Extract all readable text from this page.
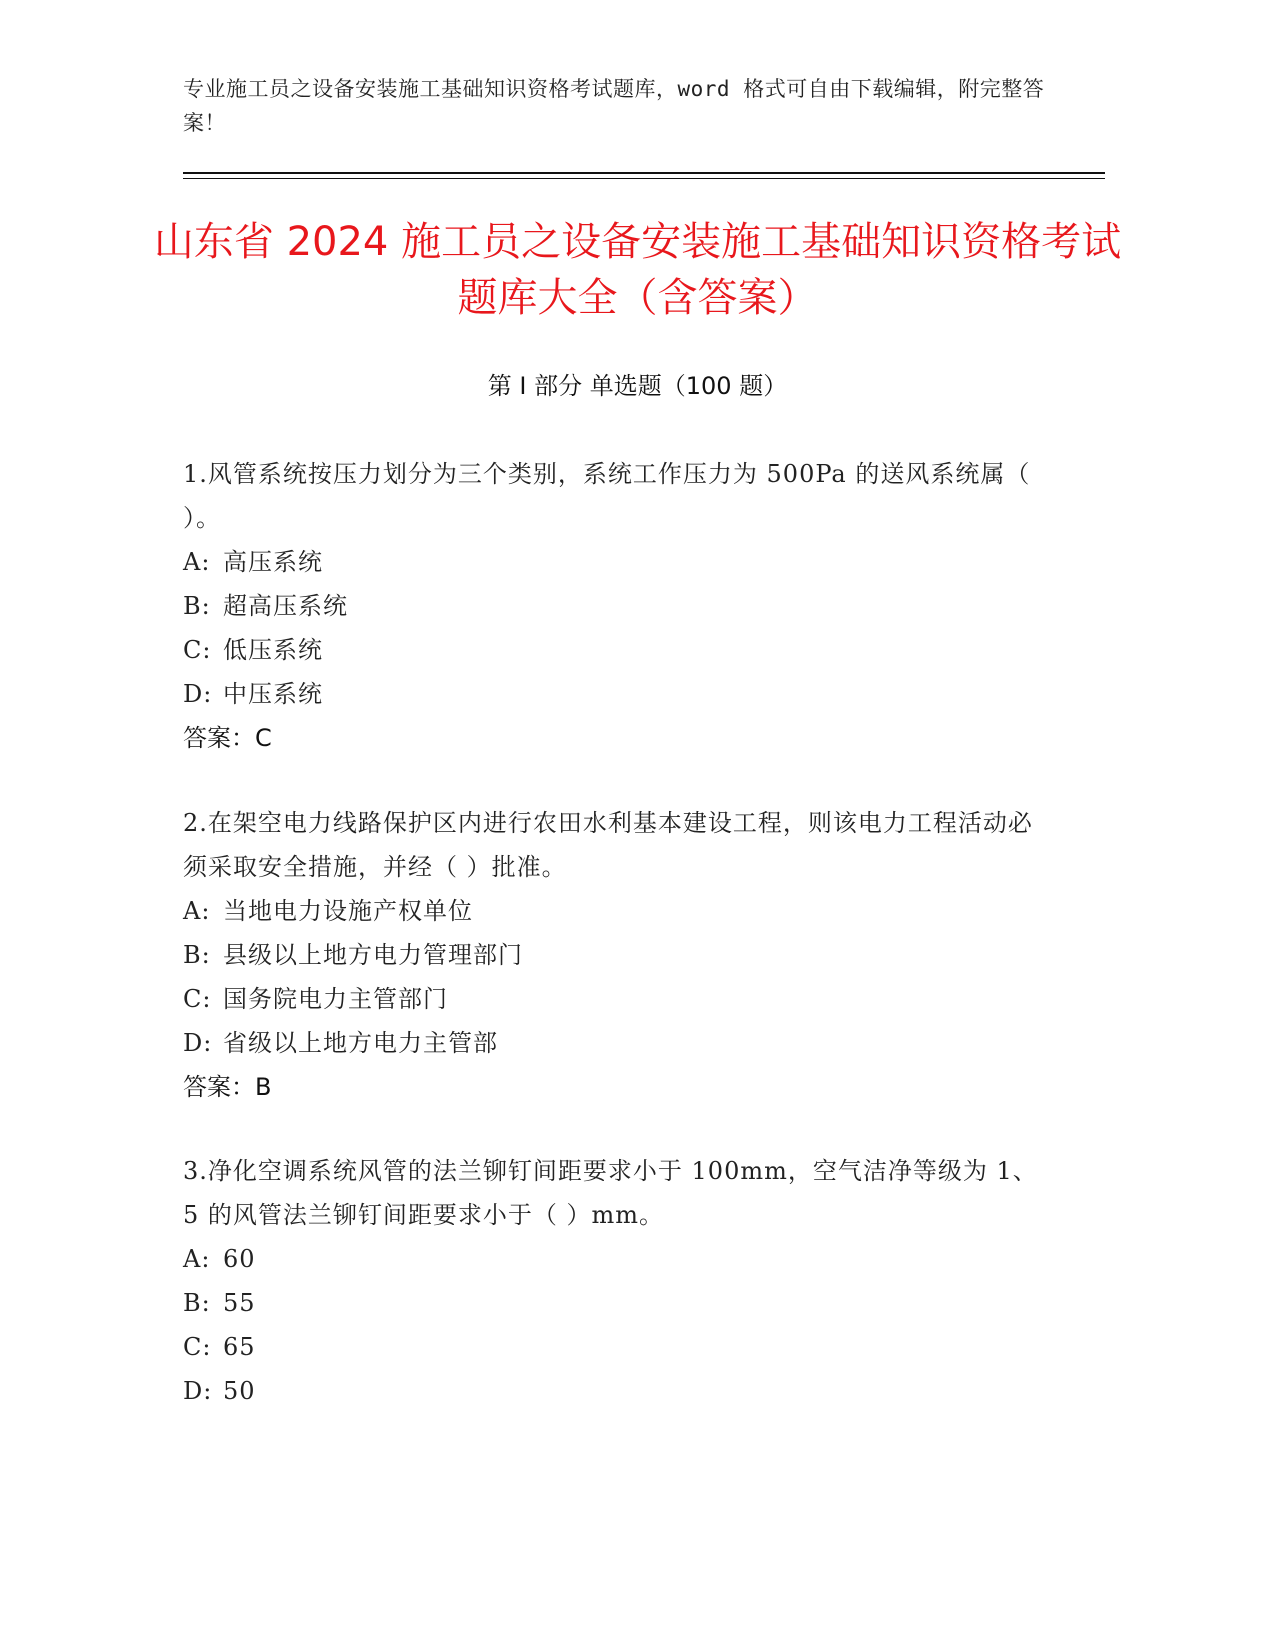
专业施工员之设备安装施工基础知识资格考试题库，word 格式可自由下载编辑，附完整答案！
山东省 2024 施工员之设备安装施工基础知识资格考试题库大全（含答案）
第 I 部分 单选题（100 题）
1.风管系统按压力划分为三个类别，系统工作压力为 500Pa 的送风系统属（ ）。
A: 高压系统
B: 超高压系统
C: 低压系统
D: 中压系统
答案：C
2.在架空电力线路保护区内进行农田水利基本建设工程，则该电力工程活动必须采取安全措施，并经（ ）批准。
A: 当地电力设施产权单位
B: 县级以上地方电力管理部门
C: 国务院电力主管部门
D: 省级以上地方电力主管部
答案：B
3.净化空调系统风管的法兰铆钉间距要求小于 100mm，空气洁净等级为 1、5 的风管法兰铆钉间距要求小于（ ）mm。
A: 60
B: 55
C: 65
D: 50
